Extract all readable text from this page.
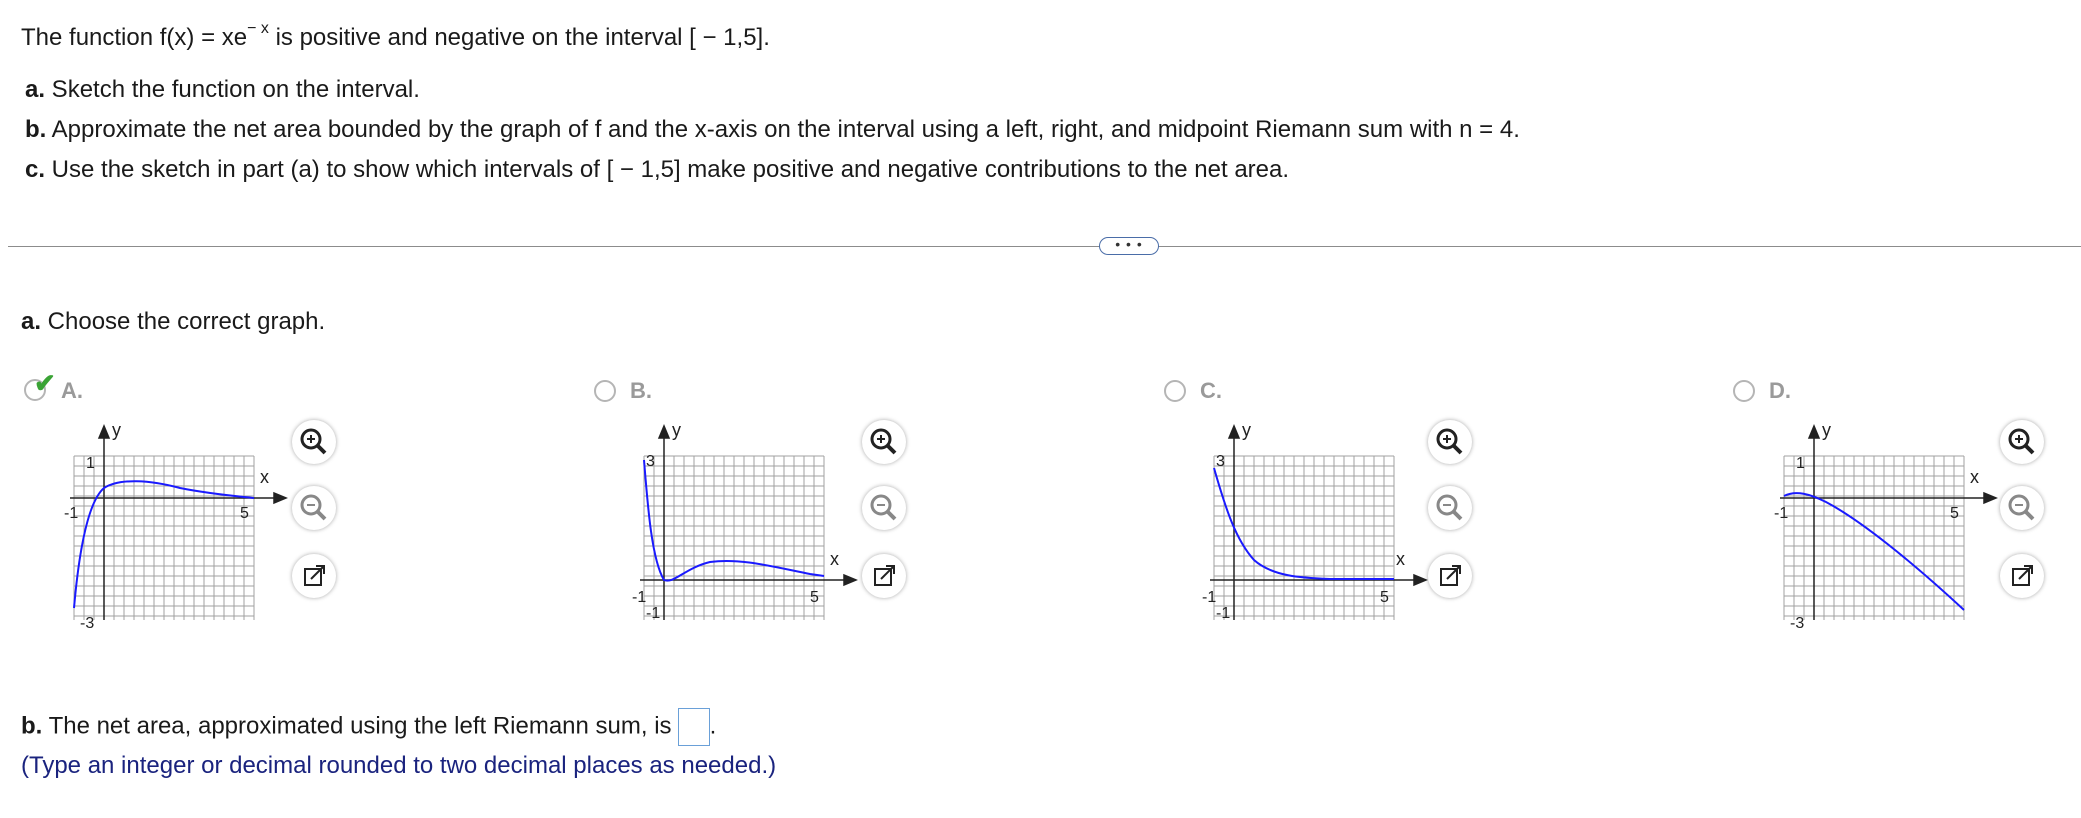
The function $f(x) = xe^{- x}$ is positive and negative on the interval [ − 1,5].
a. Sketch the function on the interval.
b. Approximate the net area bounded by the graph of f and the x-axis on the interval using a left, right, and midpoint Riemann sum with n = 4.
c. Use the sketch in part (a) to show which intervals of [ − 1,5] make positive and negative contributions to the net area.
• • •
a. Choose the correct graph.
✔ A.
y
x
1
-1	5
-3
B.
y
x
3
-1	5
-1
C.
y
x
3
-1	5
-1
D.
y
x
1
-1	5
-3
b. The net area, approximated using the left Riemann sum, is .
(Type an integer or decimal rounded to two decimal places as needed.)
